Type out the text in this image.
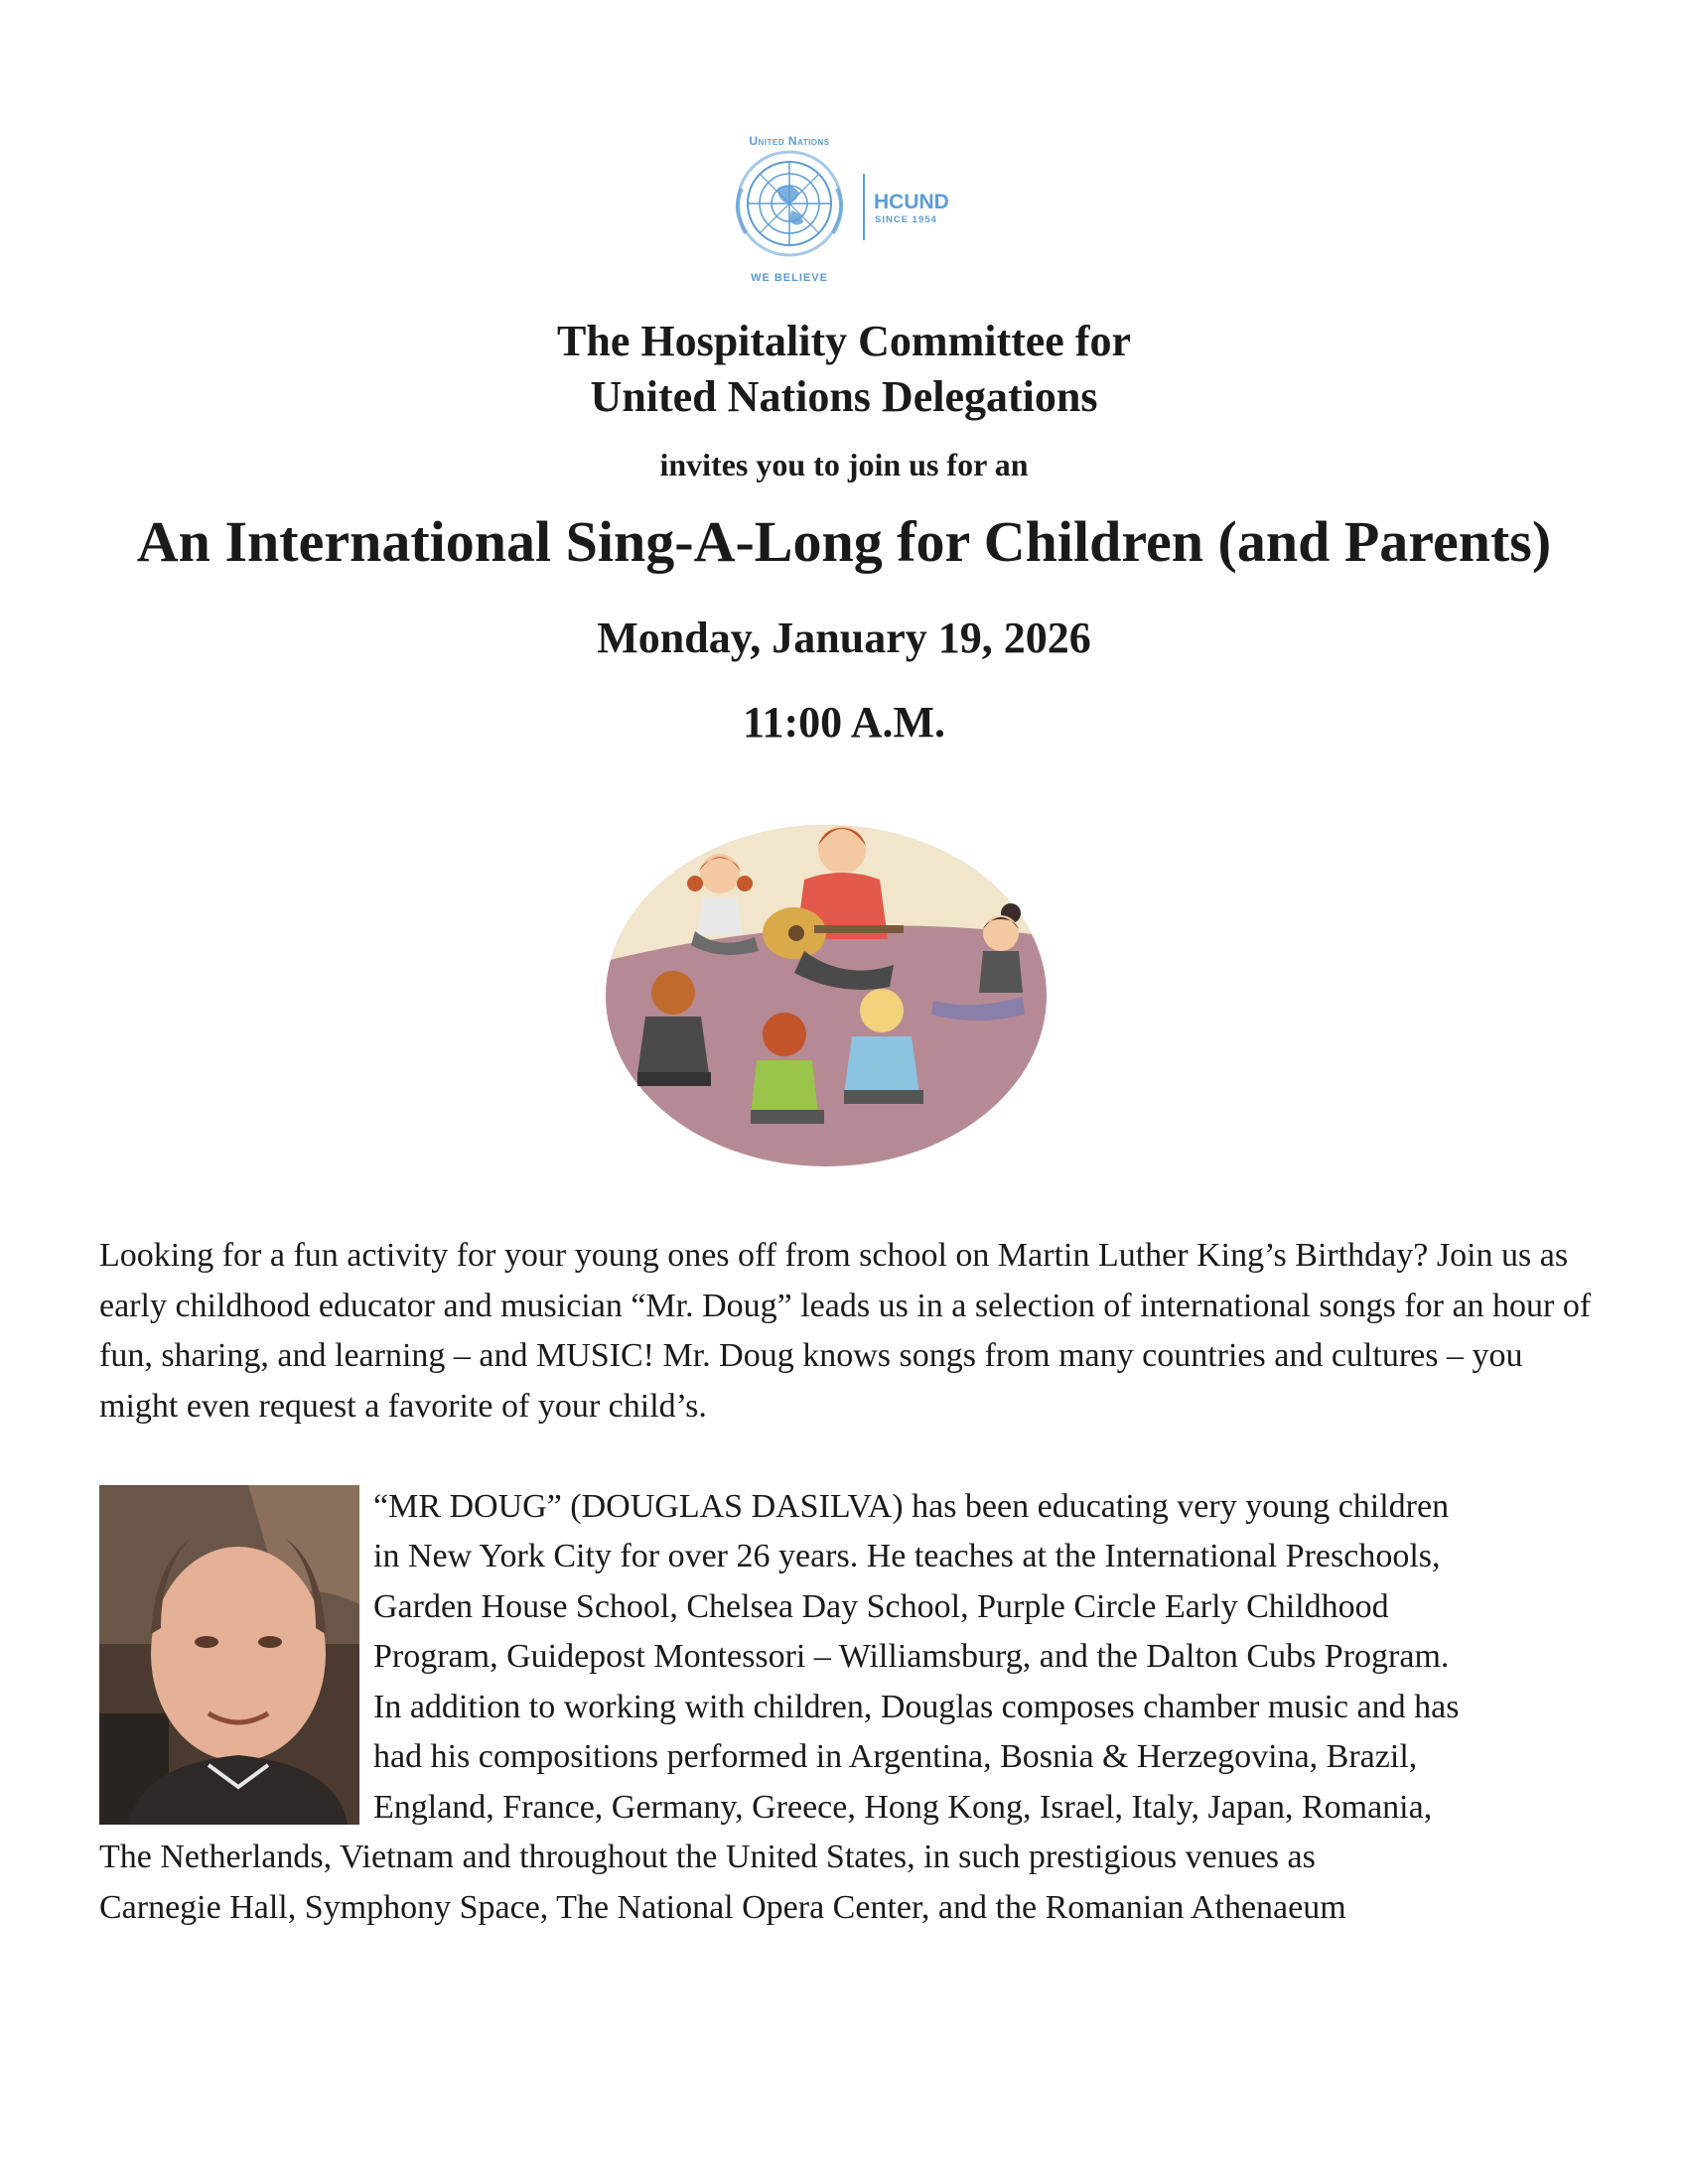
United Nations
WE BELIEVE
HCUND
SINCE 1954

The Hospitality Committee for

United Nations Delegations

invites you to join us for an

An International Sing-A-Long for Children (and Parents)

Monday, January 19, 2026

11:00 A.M.

Looking for a fun activity for your young ones off from school on Martin Luther King’s Birthday? Join us as early childhood educator and musician “Mr. Doug” leads us in a selection of international songs for an hour of fun, sharing, and learning – and MUSIC! Mr. Doug knows songs from many countries and cultures – you might even request a favorite of your child’s.

“MR DOUG” (DOUGLAS DASILVA) has been educating very young children

in New York City for over 26 years. He teaches at the International Preschools,

Garden House School, Chelsea Day School, Purple Circle Early Childhood

Program, Guidepost Montessori – Williamsburg, and the Dalton Cubs Program.

In addition to working with children, Douglas composes chamber music and has

had his compositions performed in Argentina, Bosnia & Herzegovina, Brazil,

England, France, Germany, Greece, Hong Kong, Israel, Italy, Japan, Romania,

The Netherlands, Vietnam and throughout the United States, in such prestigious venues as

Carnegie Hall, Symphony Space, The National Opera Center, and the Romanian Athenaeum
